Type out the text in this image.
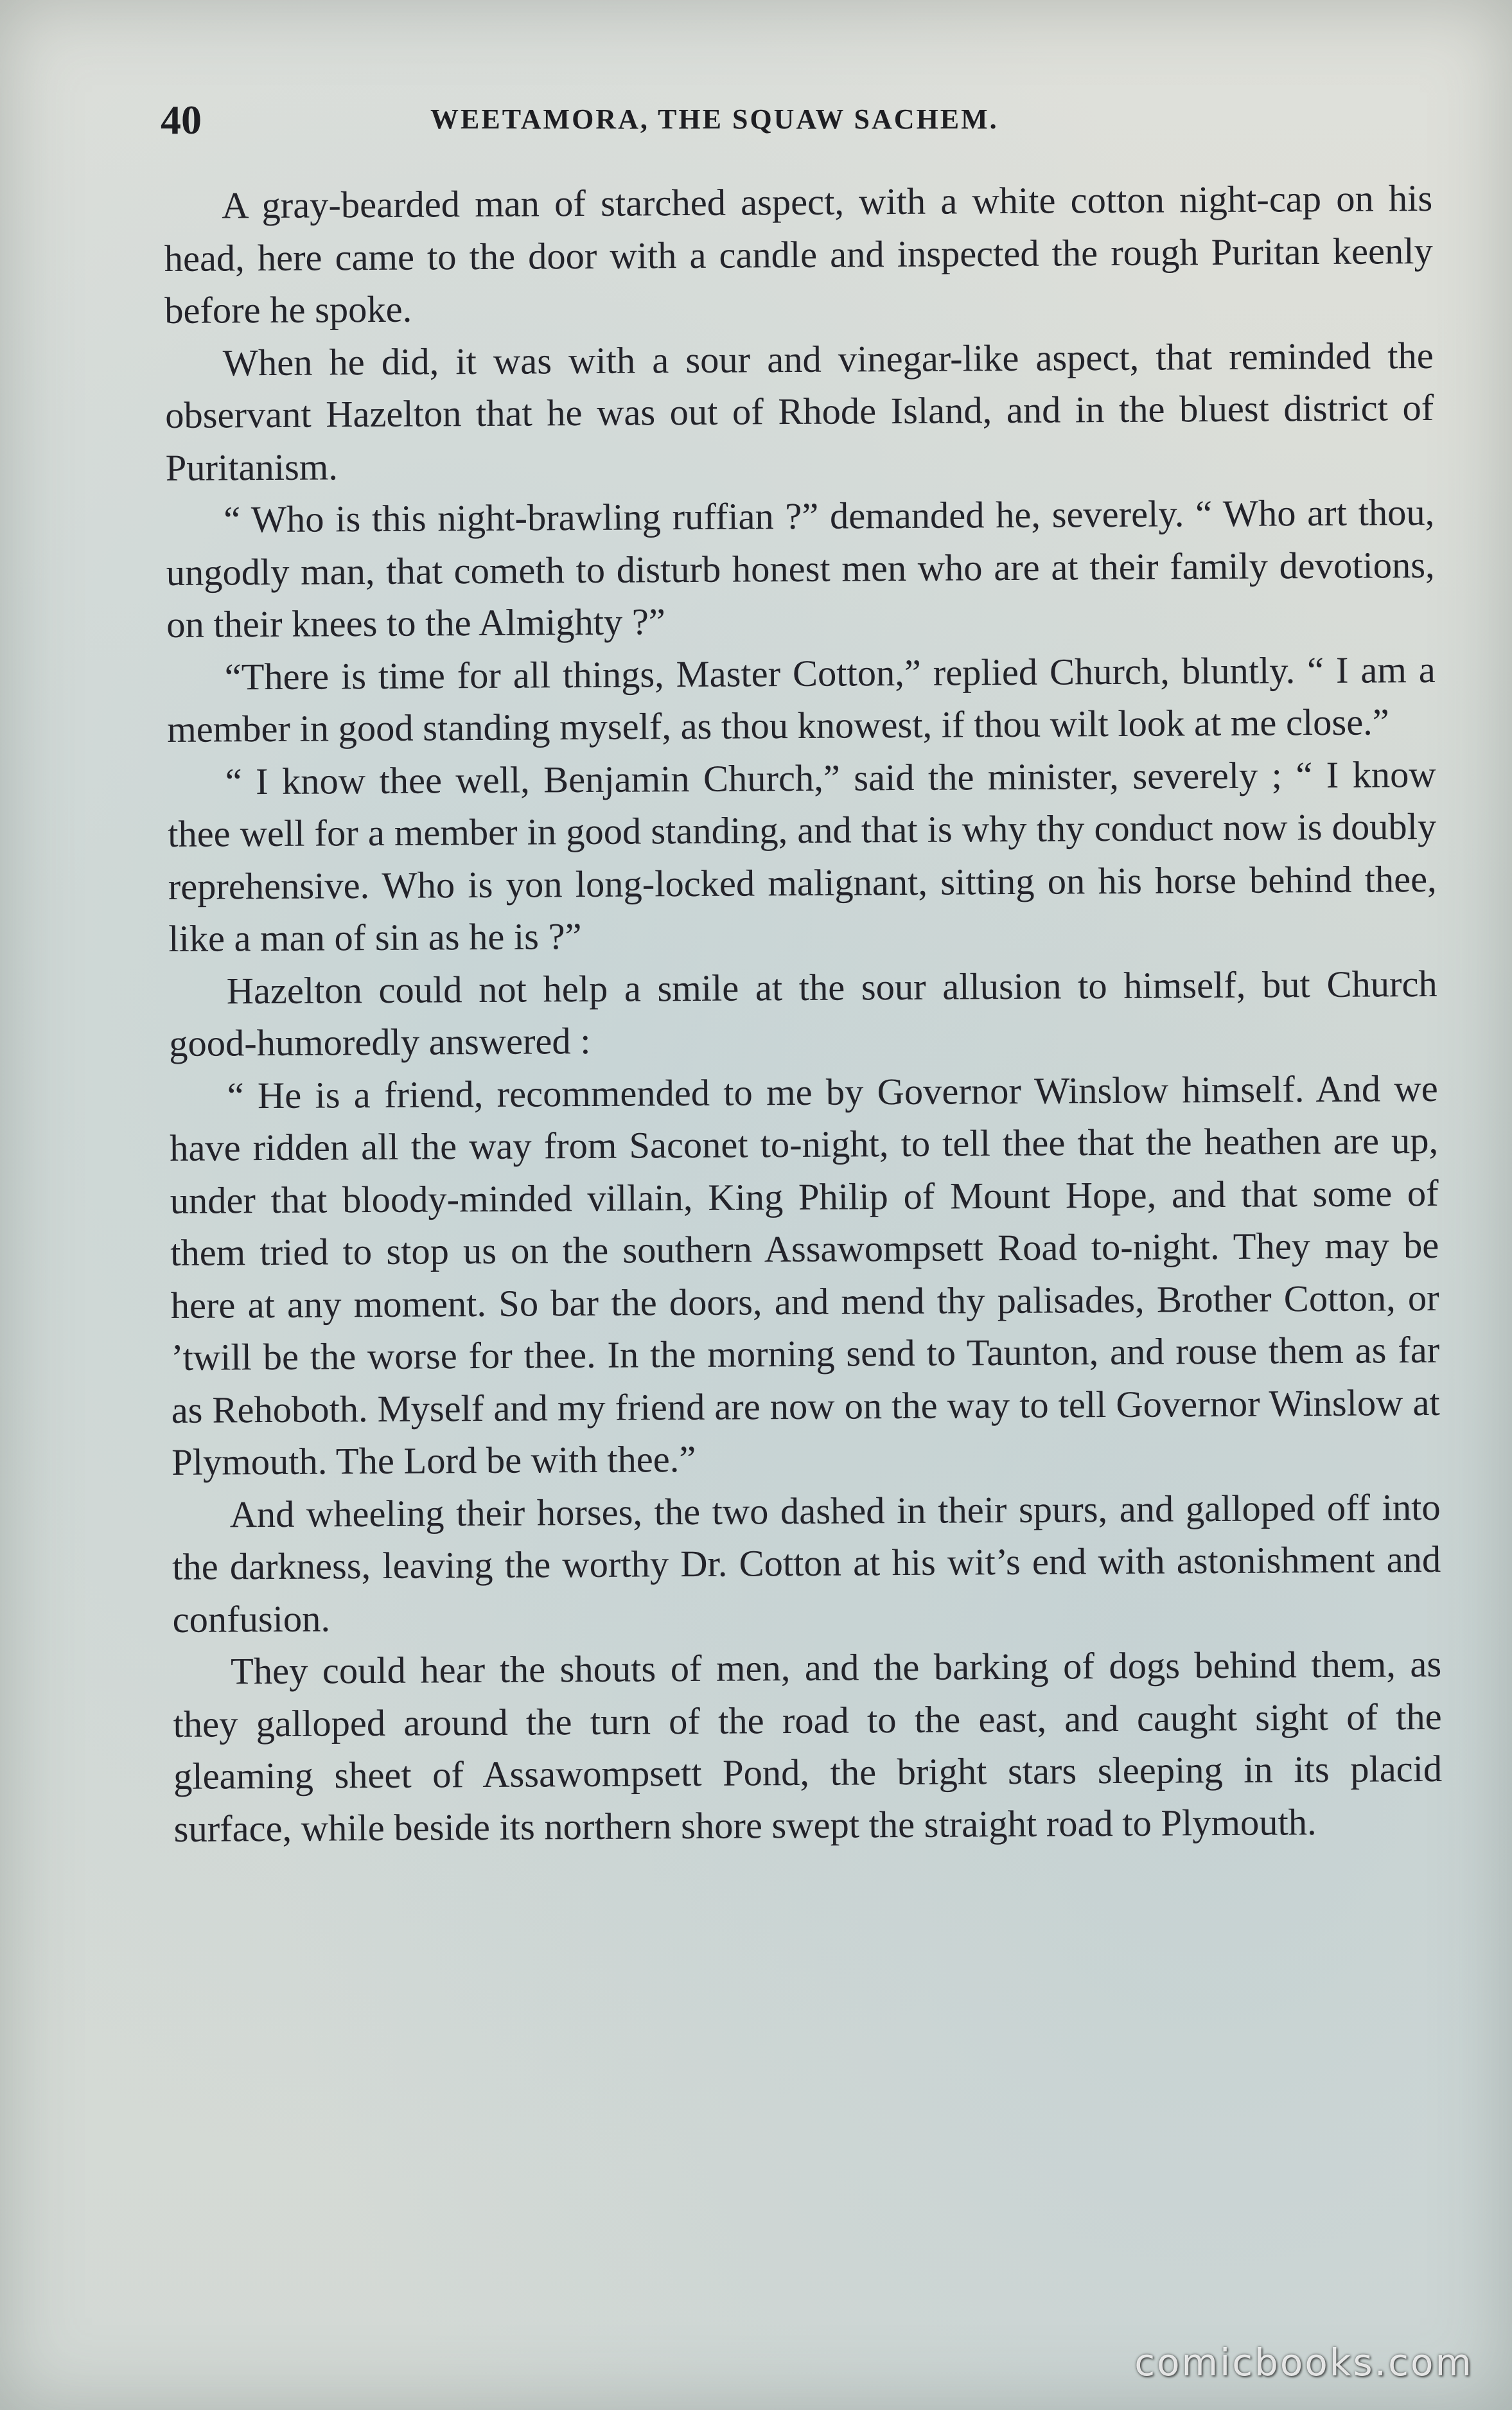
40	WEETAMORA, THE SQUAW SACHEM.

A gray-bearded man of starched aspect, with a white cotton night-cap on his head, here came to the door with a candle and inspected the rough Puritan keenly before he spoke.

When he did, it was with a sour and vinegar-like aspect, that reminded the observant Hazelton that he was out of Rhode Island, and in the bluest district of Puritanism.

“ Who is this night-brawling ruffian ?” demanded he, severely. “ Who art thou, ungodly man, that cometh to disturb honest men who are at their family devotions, on their knees to the Almighty ?”

“There is time for all things, Master Cotton,” replied Church, bluntly. “ I am a member in good standing myself, as thou knowest, if thou wilt look at me close.”

“ I know thee well, Benjamin Church,” said the minister, severely ; “ I know thee well for a member in good standing, and that is why thy conduct now is doubly reprehensive. Who is yon long-locked malignant, sitting on his horse behind thee, like a man of sin as he is ?”

Hazelton could not help a smile at the sour allusion to himself, but Church good-humoredly answered :

“ He is a friend, recommended to me by Governor Winslow himself. And we have ridden all the way from Saconet to-night, to tell thee that the heathen are up, under that bloody-minded villain, King Philip of Mount Hope, and that some of them tried to stop us on the southern Assawompsett Road to-night. They may be here at any moment. So bar the doors, and mend thy palisades, Brother Cotton, or ’twill be the worse for thee. In the morning send to Taunton, and rouse them as far as Rehoboth. Myself and my friend are now on the way to tell Governor Winslow at Plymouth. The Lord be with thee.”

And wheeling their horses, the two dashed in their spurs, and galloped off into the darkness, leaving the worthy Dr. Cotton at his wit’s end with astonishment and confusion.

They could hear the shouts of men, and the barking of dogs behind them, as they galloped around the turn of the road to the east, and caught sight of the gleaming sheet of Assawompsett Pond, the bright stars sleeping in its placid surface, while beside its northern shore swept the straight road to Plymouth.

comicbooks.com
